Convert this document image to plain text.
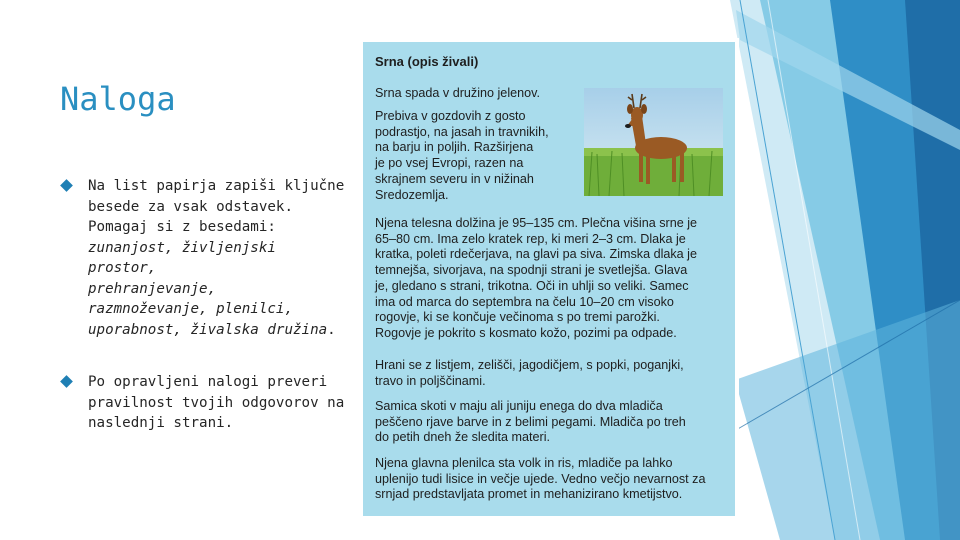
Naloga
Na list papirja zapiši ključne
besede za vsak odstavek.
Pomagaj si z besedami:
zunanjost, življenjski prostor,
prehranjevanje,
razmnoževanje, plenilci,
uporabnost, živalska družina.
Po opravljeni nalogi preveri
pravilnost tvojih odgovorov na
naslednji strani.
Srna (opis živali)
Srna spada v družino jelenov.
Prebiva v gozdovih z gosto
podrastjo, na jasah in travnikih,
na barju in poljih. Razširjena
je po vsej Evropi, razen na
skrajnem severu in v nižinah
Sredozemlja.
Njena telesna dolžina je 95–135 cm. Plečna višina srne je
65–80 cm. Ima zelo kratek rep, ki meri 2–3 cm. Dlaka je
kratka, poleti rdečerjava, na glavi pa siva. Zimska dlaka je
temnejša, sivorjava, na spodnji strani je svetlejša. Glava
je, gledano s strani, trikotna. Oči in uhlji so veliki. Samec
ima od marca do septembra na čelu 10–20 cm visoko
rogovje, ki se končuje večinoma s po tremi parožki.
Rogovje je pokrito s kosmato kožo, pozimi pa odpade.
Hrani se z listjem, zelišči, jagodičjem, s popki, poganjki,
travo in poljščinami.
Samica skoti v maju ali juniju enega do dva mladiča
peščeno rjave barve in z belimi pegami. Mladiča po treh
do petih dneh že sledita materi.
Njena glavna plenilca sta volk in ris, mladiče pa lahko
uplenijo tudi lisice in večje ujede. Vedno večjo nevarnost za
srnjad predstavljata promet in mehanizirano kmetijstvo.
